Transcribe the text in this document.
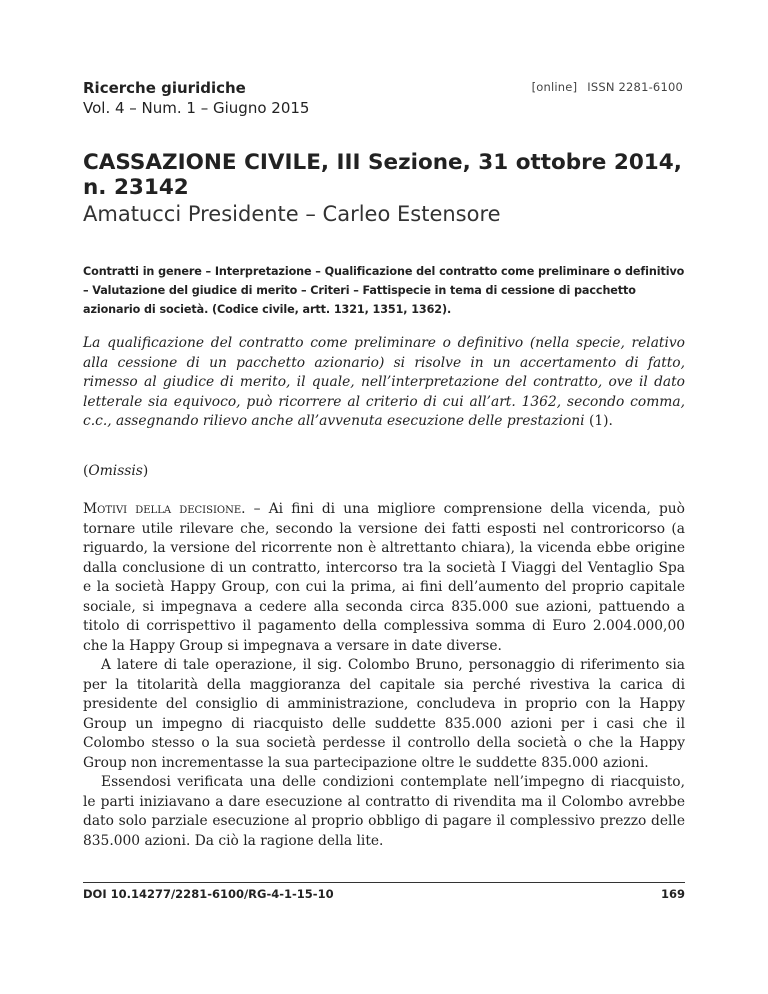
Ricerche giuridiche
Vol. 4 – Num. 1 – Giugno 2015
[online] ISSN 2281-6100
CASSAZIONE CIVILE, III Sezione, 31 ottobre 2014, n. 23142
Amatucci Presidente – Carleo Estensore
Contratti in genere – Interpretazione – Qualificazione del contratto come preliminare o definitivo – Valutazione del giudice di merito – Criteri – Fattispecie in tema di cessione di pacchetto azionario di società. (Codice civile, artt. 1321, 1351, 1362).
La qualificazione del contratto come preliminare o definitivo (nella specie, relativo alla cessione di un pacchetto azionario) si risolve in un accertamento di fatto, rimesso al giudice di merito, il quale, nell’interpretazione del contratto, ove il dato letterale sia equivoco, può ricorrere al criterio di cui all’art. 1362, secondo comma, c.c., assegnando rilievo anche all’avvenuta esecuzione delle prestazioni (1).
(Omissis)

Motivi della decisione. – Ai fini di una migliore comprensione della vicenda, può tornare utile rilevare che, secondo la versione dei fatti esposti nel controricorso (a riguardo, la versione del ricorrente non è altrettanto chiara), la vicenda ebbe origine dalla conclusione di un contratto, intercorso tra la società I Viaggi del Ventaglio Spa e la società Happy Group, con cui la prima, ai fini dell’aumento del proprio capitale sociale, si impegnava a cedere alla seconda circa 835.000 sue azioni, pattuendo a titolo di corrispettivo il pagamento della complessiva somma di Euro 2.004.000,00 che la Happy Group si impegnava a versare in date diverse.

A latere di tale operazione, il sig. Colombo Bruno, personaggio di riferimento sia per la titolarità della maggioranza del capitale sia perché rivestiva la carica di presidente del consiglio di amministrazione, concludeva in proprio con la Happy Group un impegno di riacquisto delle suddette 835.000 azioni per i casi che il Colombo stesso o la sua società perdesse il controllo della società o che la Happy Group non incrementasse la sua partecipazione oltre le suddette 835.000 azioni.

Essendosi verificata una delle condizioni contemplate nell’impegno di riacquisto, le parti iniziavano a dare esecuzione al contratto di rivendita ma il Colombo avrebbe dato solo parziale esecuzione al proprio obbligo di pagare il complessivo prezzo delle 835.000 azioni. Da ciò la ragione della lite.

DOI 10.14277/2281-6100/RG-4-1-15-10	169
